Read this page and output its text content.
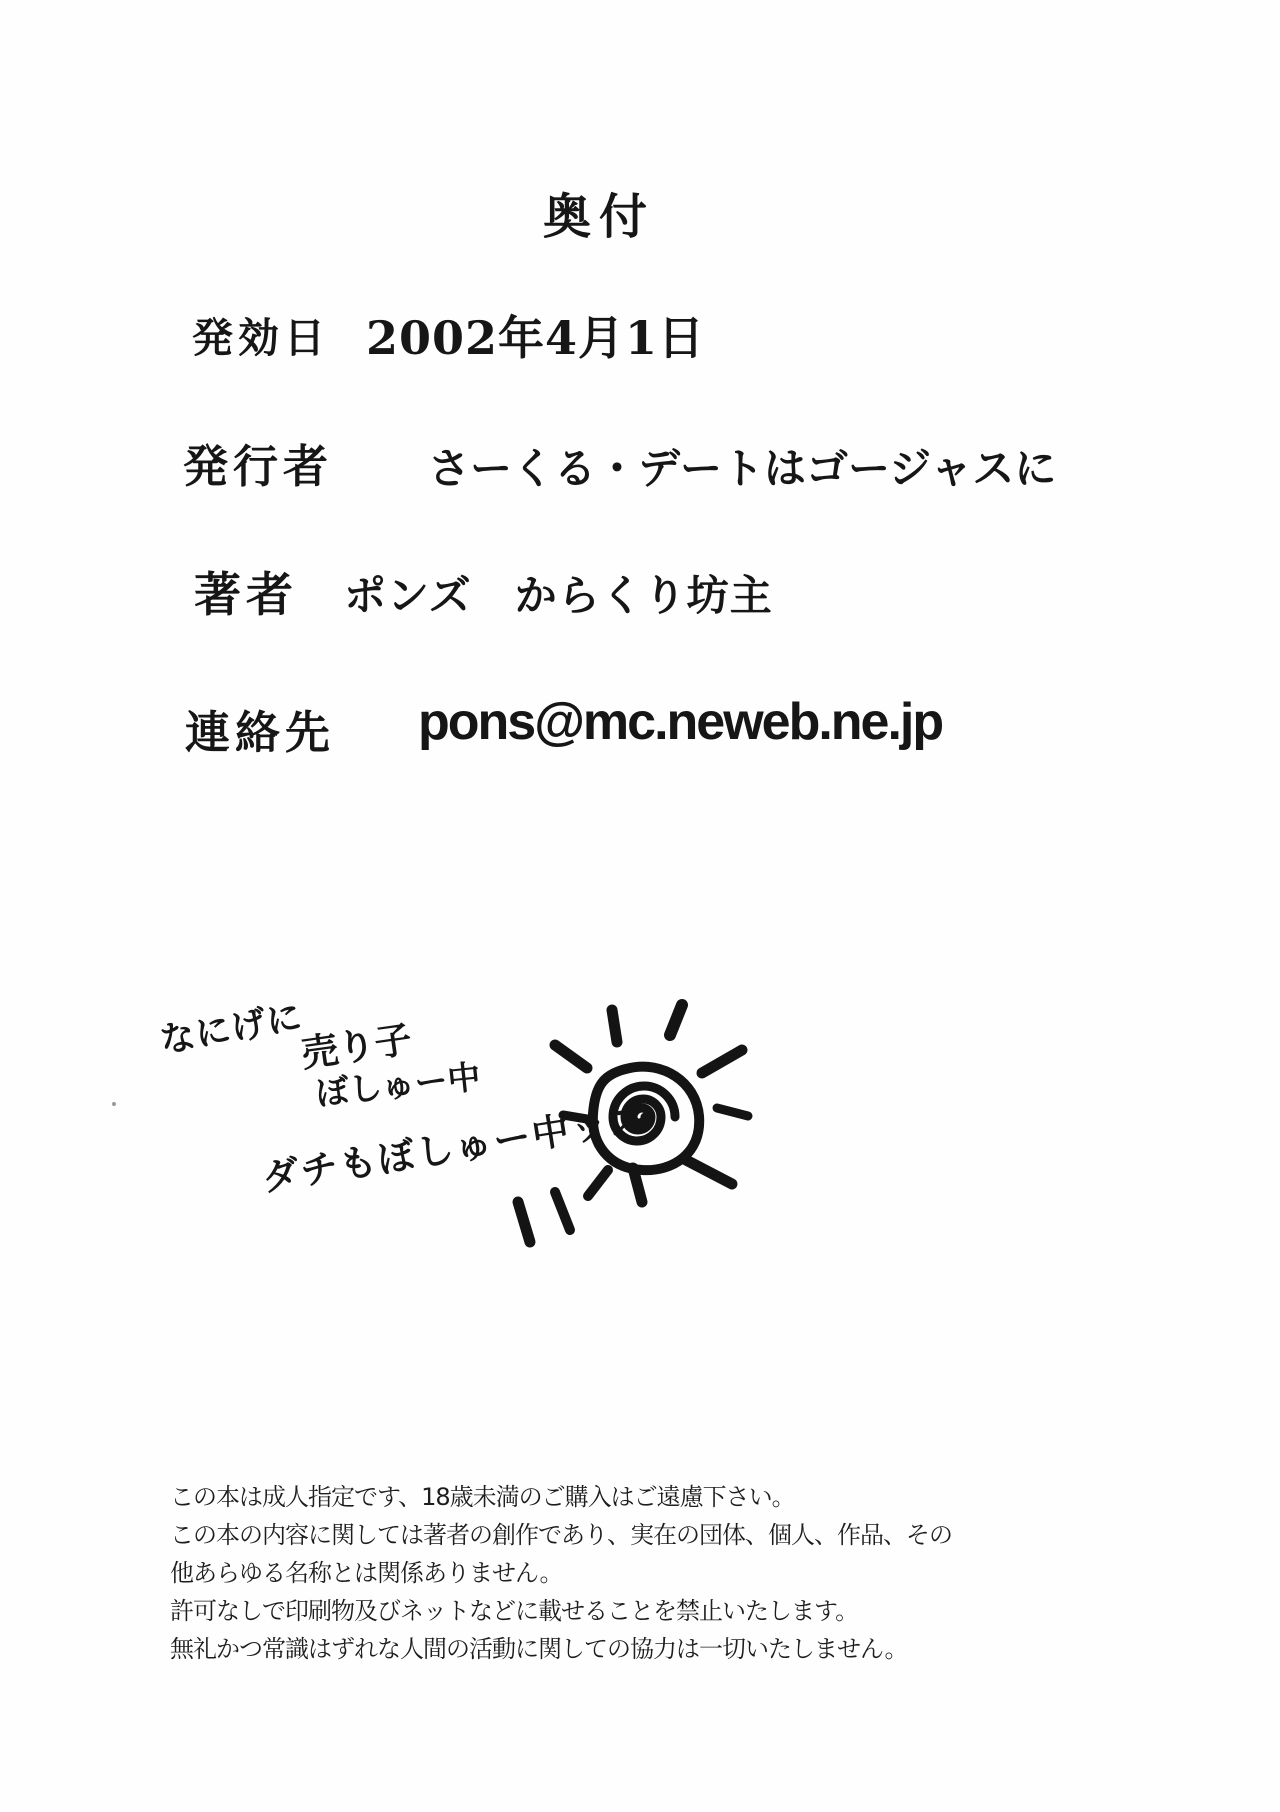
奥付
発効日 2002年4月1日
発行者 さーくる・デートはゴージャスに
著者 ポンズ　からくり坊主
連絡先 pons@mc.neweb.ne.jp
なにげに
売り子
ぼしゅー中
ダチもぼしゅー中ッス

この本は成人指定です、18歳未満のご購入はご遠慮下さい。

この本の内容に関しては著者の創作であり、実在の団体、個人、作品、その

他あらゆる名称とは関係ありません。

許可なしで印刷物及びネットなどに載せることを禁止いたします。

無礼かつ常識はずれな人間の活動に関しての協力は一切いたしません。
